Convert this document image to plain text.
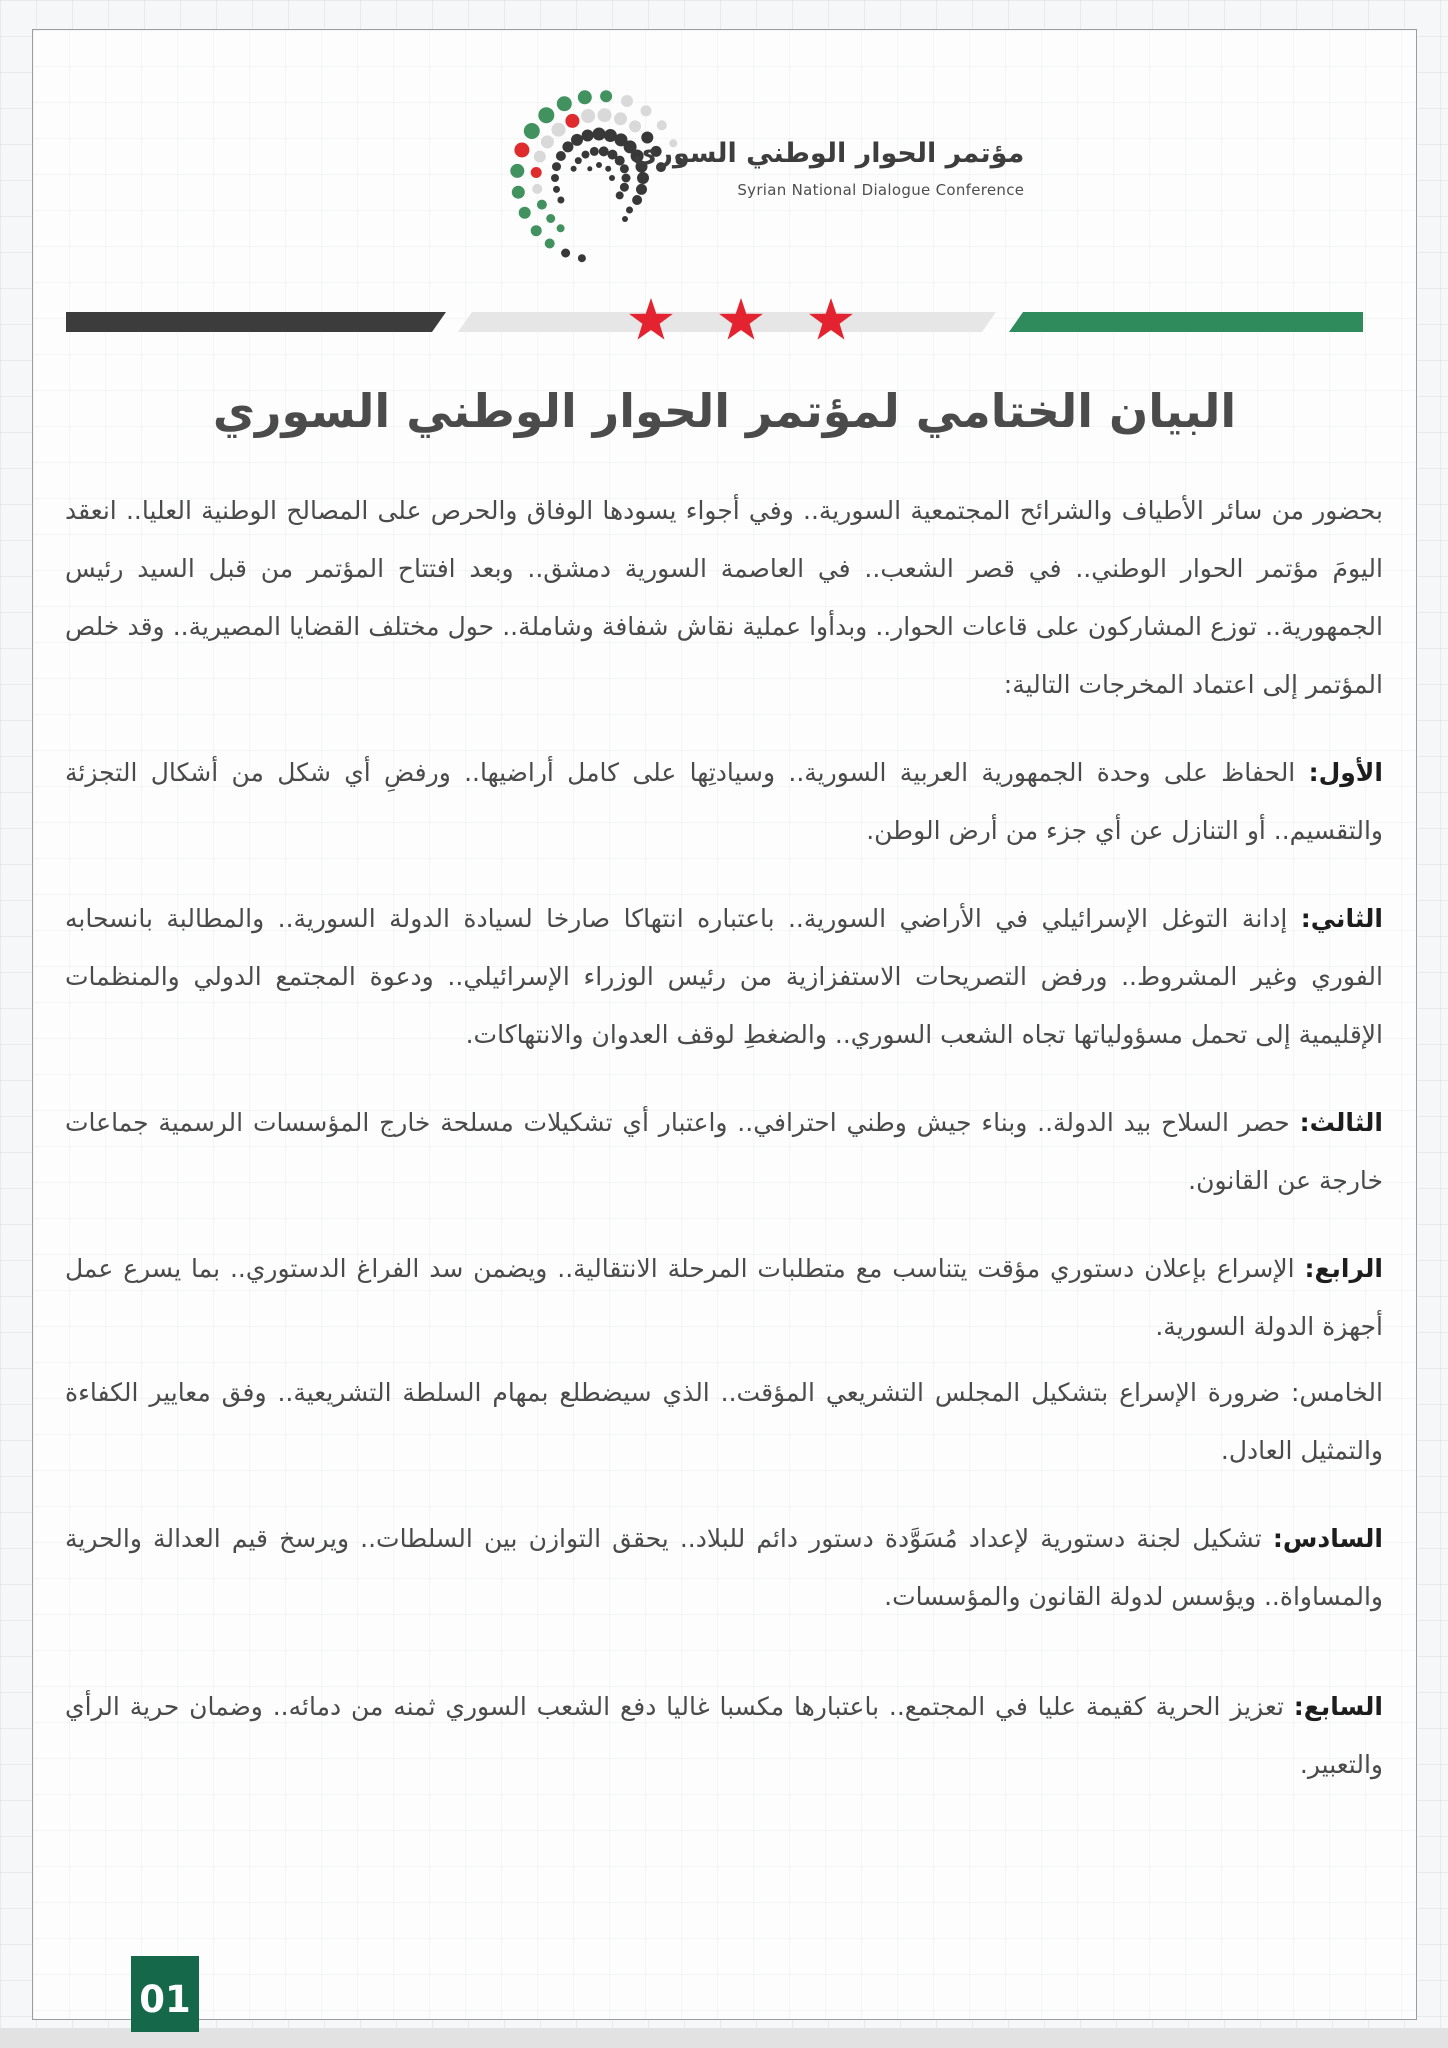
مؤتمر الحوار الوطني السوري
Syrian National Dialogue Conference
البيان الختامي لمؤتمر الحوار الوطني السوري

بحضور من سائر الأطياف والشرائح المجتمعية السورية.. وفي أجواء يسودها الوفاق والحرص على المصالح الوطنية العليا.. انعقد اليومَ مؤتمر الحوار الوطني.. في قصر الشعب.. في العاصمة السورية دمشق.. وبعد افتتاح المؤتمر من قبل السيد رئيس الجمهورية.. توزع المشاركون على قاعات الحوار.. وبدأوا عملية نقاش شفافة وشاملة.. حول مختلف القضايا المصيرية.. وقد خلص المؤتمر إلى اعتماد المخرجات التالية:

الأول: الحفاظ على وحدة الجمهورية العربية السورية.. وسيادتِها على كامل أراضيها.. ورفضِ أي شكل من أشكال التجزئة والتقسيم.. أو التنازل عن أي جزء من أرض الوطن.

الثاني: إدانة التوغل الإسرائيلي في الأراضي السورية.. باعتباره انتهاكا صارخا لسيادة الدولة السورية.. والمطالبة بانسحابه الفوري وغير المشروط.. ورفض التصريحات الاستفزازية من رئيس الوزراء الإسرائيلي.. ودعوة المجتمع الدولي والمنظمات الإقليمية إلى تحمل مسؤولياتها تجاه الشعب السوري.. والضغطِ لوقف العدوان والانتهاكات.

الثالث: حصر السلاح بيد الدولة.. وبناء جيش وطني احترافي.. واعتبار أي تشكيلات مسلحة خارج المؤسسات الرسمية جماعات خارجة عن القانون.

الرابع: الإسراع بإعلان دستوري مؤقت يتناسب مع متطلبات المرحلة الانتقالية.. ويضمن سد الفراغ الدستوري.. بما يسرع عمل أجهزة الدولة السورية.

الخامس: ضرورة الإسراع بتشكيل المجلس التشريعي المؤقت.. الذي سيضطلع بمهام السلطة التشريعية.. وفق معايير الكفاءة والتمثيل العادل.

السادس: تشكيل لجنة دستورية لإعداد مُسَوَّدة دستور دائم للبلاد.. يحقق التوازن بين السلطات.. ويرسخ قيم العدالة والحرية والمساواة.. ويؤسس لدولة القانون والمؤسسات.

السابع: تعزيز الحرية كقيمة عليا في المجتمع.. باعتبارها مكسبا غاليا دفع الشعب السوري ثمنه من دمائه.. وضمان حرية الرأي والتعبير.

01
